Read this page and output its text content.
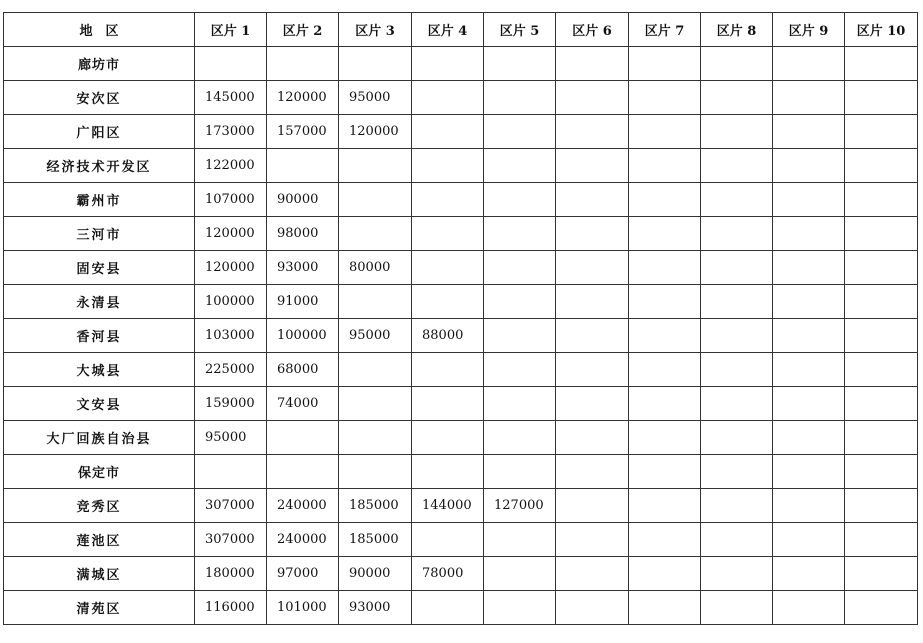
地　区	区片 1	区片 2	区片 3	区片 4	区片 5	区片 6	区片 7	区片 8	区片 9	区片 10
廊坊市										
安次区	145000	120000	95000							
广阳区	173000	157000	120000							
经济技术开发区	122000									
霸州市	107000	90000								
三河市	120000	98000								
固安县	120000	93000	80000							
永清县	100000	91000								
香河县	103000	100000	95000	88000						
大城县	225000	68000								
文安县	159000	74000								
大厂回族自治县	95000									
保定市										
竞秀区	307000	240000	185000	144000	127000					
莲池区	307000	240000	185000							
满城区	180000	97000	90000	78000						
清苑区	116000	101000	93000							
